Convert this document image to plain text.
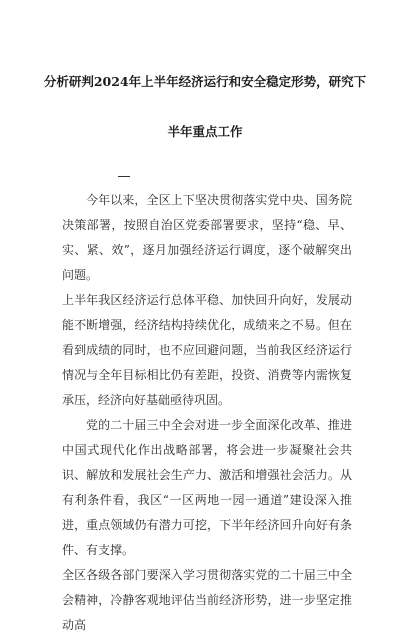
分析研判2024年上半年经济运行和安全稳定形势，研究下
半年重点工作

今年以来，全区上下坚决贯彻落实党中央、国务院决策部署，按照自治区党委部署要求，坚持“稳、早、实、紧、效”，逐月加强经济运行调度，逐个破解突出问题。

上半年我区经济运行总体平稳、加快回升向好，发展动能不断增强，经济结构持续优化，成绩来之不易。但在看到成绩的同时，也不应回避问题，当前我区经济运行情况与全年目标相比仍有差距，投资、消费等内需恢复承压，经济向好基础亟待巩固。

党的二十届三中全会对进一步全面深化改革、推进中国式现代化作出战略部署，将会进一步凝聚社会共识、解放和发展社会生产力、激活和增强社会活力。从有利条件看，我区“一区两地一园一通道”建设深入推进，重点领域仍有潜力可挖，下半年经济回升向好有条件、有支撑。

全区各级各部门要深入学习贯彻落实党的二十届三中全会精神，冷静客观地评估当前经济形势，进一步坚定推动高
